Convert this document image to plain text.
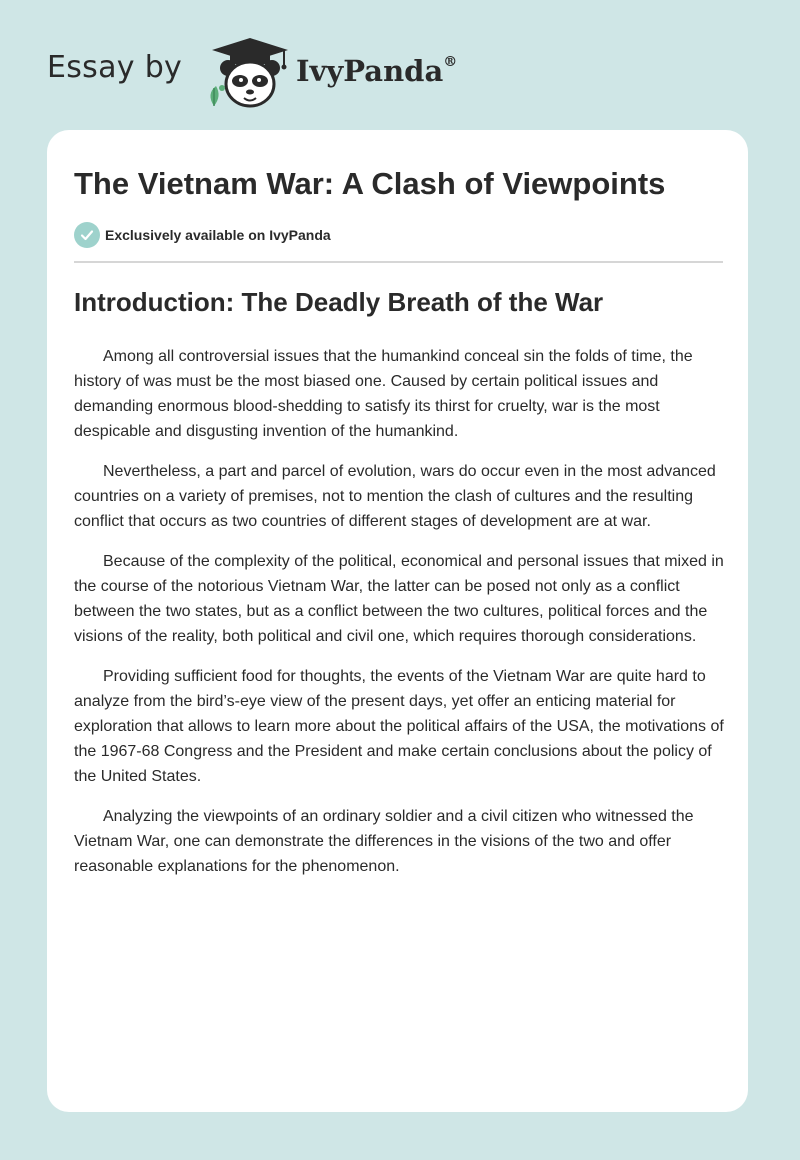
Essay by	IvyPanda®
The Vietnam War: A Clash of Viewpoints
Exclusively available on IvyPanda
Introduction: The Deadly Breath of the War

Among all controversial issues that the humankind conceal sin the folds of time, the history of was must be the most biased one. Caused by certain political issues and demanding enormous blood-shedding to satisfy its thirst for cruelty, war is the most despicable and disgusting invention of the humankind.

Nevertheless, a part and parcel of evolution, wars do occur even in the most advanced countries on a variety of premises, not to mention the clash of cultures and the resulting conflict that occurs as two countries of different stages of development are at war.

Because of the complexity of the political, economical and personal issues that mixed in the course of the notorious Vietnam War, the latter can be posed not only as a conflict between the two states, but as a conflict between the two cultures, political forces and the visions of the reality, both political and civil one, which requires thorough considerations.

Providing sufficient food for thoughts, the events of the Vietnam War are quite hard to analyze from the bird’s-eye view of the present days, yet offer an enticing material for exploration that allows to learn more about the political affairs of the USA, the motivations of the 1967-68 Congress and the President and make certain conclusions about the policy of the United States.

Analyzing the viewpoints of an ordinary soldier and a civil citizen who witnessed the Vietnam War, one can demonstrate the differences in the visions of the two and offer reasonable explanations for the phenomenon.
